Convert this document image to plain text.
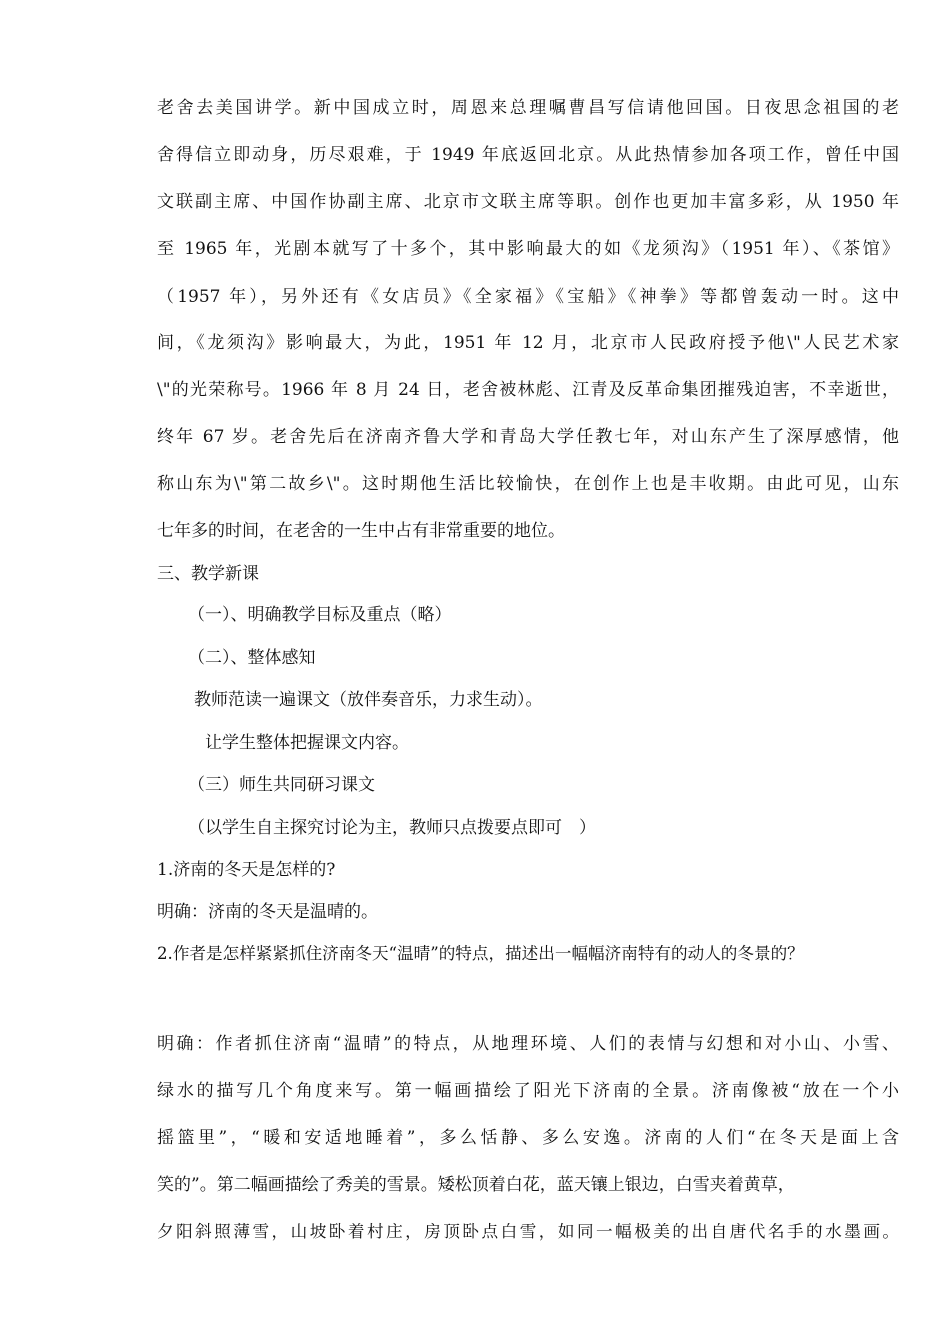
老舍去美国讲学。新中国成立时，周恩来总理嘱曹昌写信请他回国。日夜思念祖国的老
舍得信立即动身，历尽艰难，于 1949 年底返回北京。从此热情参加各项工作，曾任中国
文联副主席、中国作协副主席、北京市文联主席等职。创作也更加丰富多彩，从 1950 年
至 1965 年，光剧本就写了十多个，其中影响最大的如《龙须沟》（1951 年）、《茶馆》
（1957 年），另外还有《女店员》《全家福》《宝船》《神拳》等都曾轰动一时。这中
间，《龙须沟》影响最大，为此，1951 年 12 月，北京市人民政府授予他\"人民艺术家
\"的光荣称号。1966 年 8 月 24 日，老舍被林彪、江青及反革命集团摧残迫害，不幸逝世，
终年 67 岁。老舍先后在济南齐鲁大学和青岛大学任教七年，对山东产生了深厚感情，他
称山东为\"第二故乡\"。这时期他生活比较愉快，在创作上也是丰收期。由此可见，山东
七年多的时间，在老舍的一生中占有非常重要的地位。
三、教学新课
（一）、明确教学目标及重点（略）
（二）、整体感知
教师范读一遍课文（放伴奏音乐，力求生动）。
让学生整体把握课文内容。
（三）师生共同研习课文
（以学生自主探究讨论为主，教师只点拨要点即可　）
1.济南的冬天是怎样的?
明确：济南的冬天是温晴的。
2.作者是怎样紧紧抓住济南冬天“温晴”的特点，描述出一幅幅济南特有的动人的冬景的？
明确：作者抓住济南“温晴”的特点，从地理环境、人们的表情与幻想和对小山、小雪、
绿水的描写几个角度来写。第一幅画描绘了阳光下济南的全景。济南像被“放在一个小
摇篮里”，“暖和安适地睡着”，多么恬静、多么安逸。济南的人们“在冬天是面上含
笑的”。第二幅画描绘了秀美的雪景。矮松顶着白花，蓝天镶上银边，白雪夹着黄草，
夕阳斜照薄雪，山坡卧着村庄，房顶卧点白雪，如同一幅极美的出自唐代名手的水墨画。
